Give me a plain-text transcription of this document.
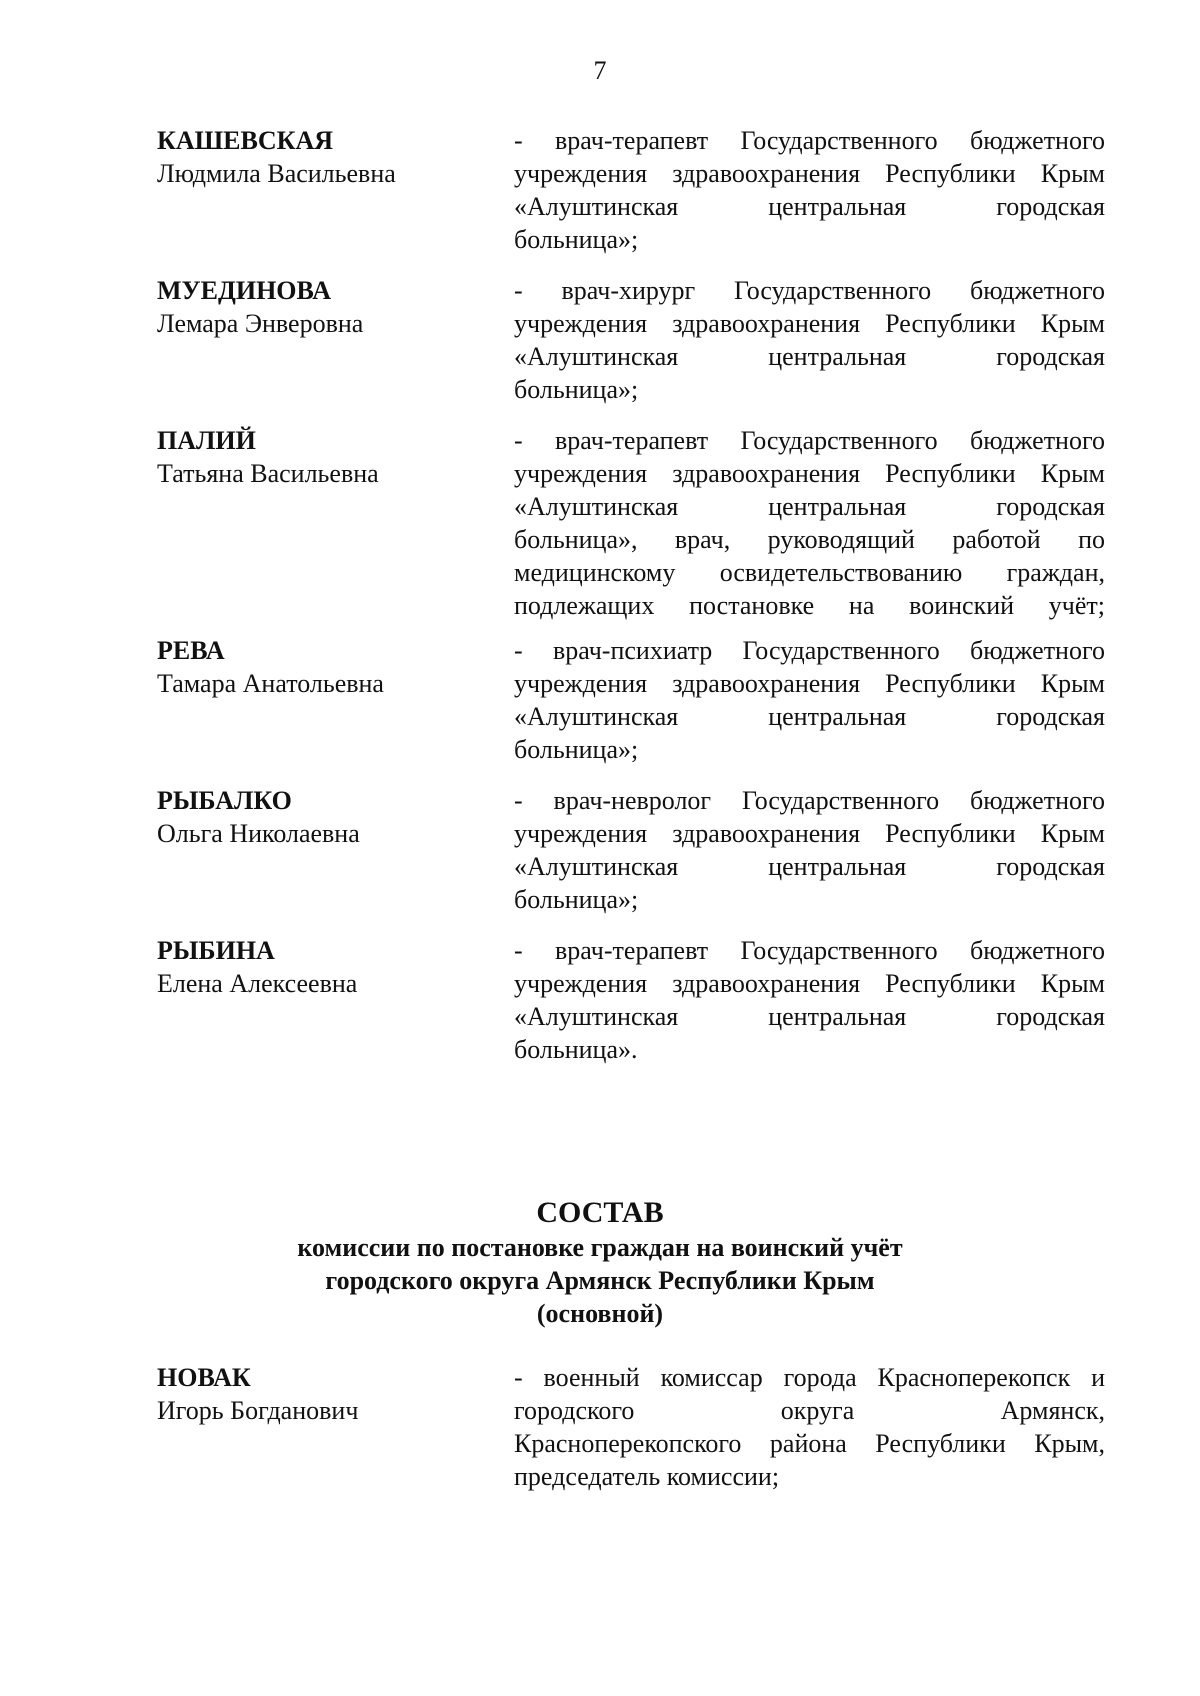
7
КАШЕВСКАЯ
Людмила Васильевна
- врач-терапевт Государственного бюджетного
учреждения здравоохранения Республики Крым
«Алуштинская центральная городская
больница»;
МУЕДИНОВА
Лемара Энверовна
- врач-хирург Государственного бюджетного
учреждения здравоохранения Республики Крым
«Алуштинская центральная городская
больница»;
ПАЛИЙ
Татьяна Васильевна
- врач-терапевт Государственного бюджетного
учреждения здравоохранения Республики Крым
«Алуштинская центральная городская
больница», врач, руководящий работой по
медицинскому освидетельствованию граждан,
подлежащих постановке на воинский учёт;
РЕВА
Тамара Анатольевна
- врач-психиатр Государственного бюджетного
учреждения здравоохранения Республики Крым
«Алуштинская центральная городская
больница»;
РЫБАЛКО
Ольга Николаевна
- врач-невролог Государственного бюджетного
учреждения здравоохранения Республики Крым
«Алуштинская центральная городская
больница»;
РЫБИНА
Елена Алексеевна
- врач-терапевт Государственного бюджетного
учреждения здравоохранения Республики Крым
«Алуштинская центральная городская
больница».
СОСТАВ
комиссии по постановке граждан на воинский учёт
городского округа Армянск Республики Крым
(основной)
НОВАК
Игорь Богданович
- военный комиссар города Красноперекопск и
городского округа Армянск,
Красноперекопского района Республики Крым,
председатель комиссии;
